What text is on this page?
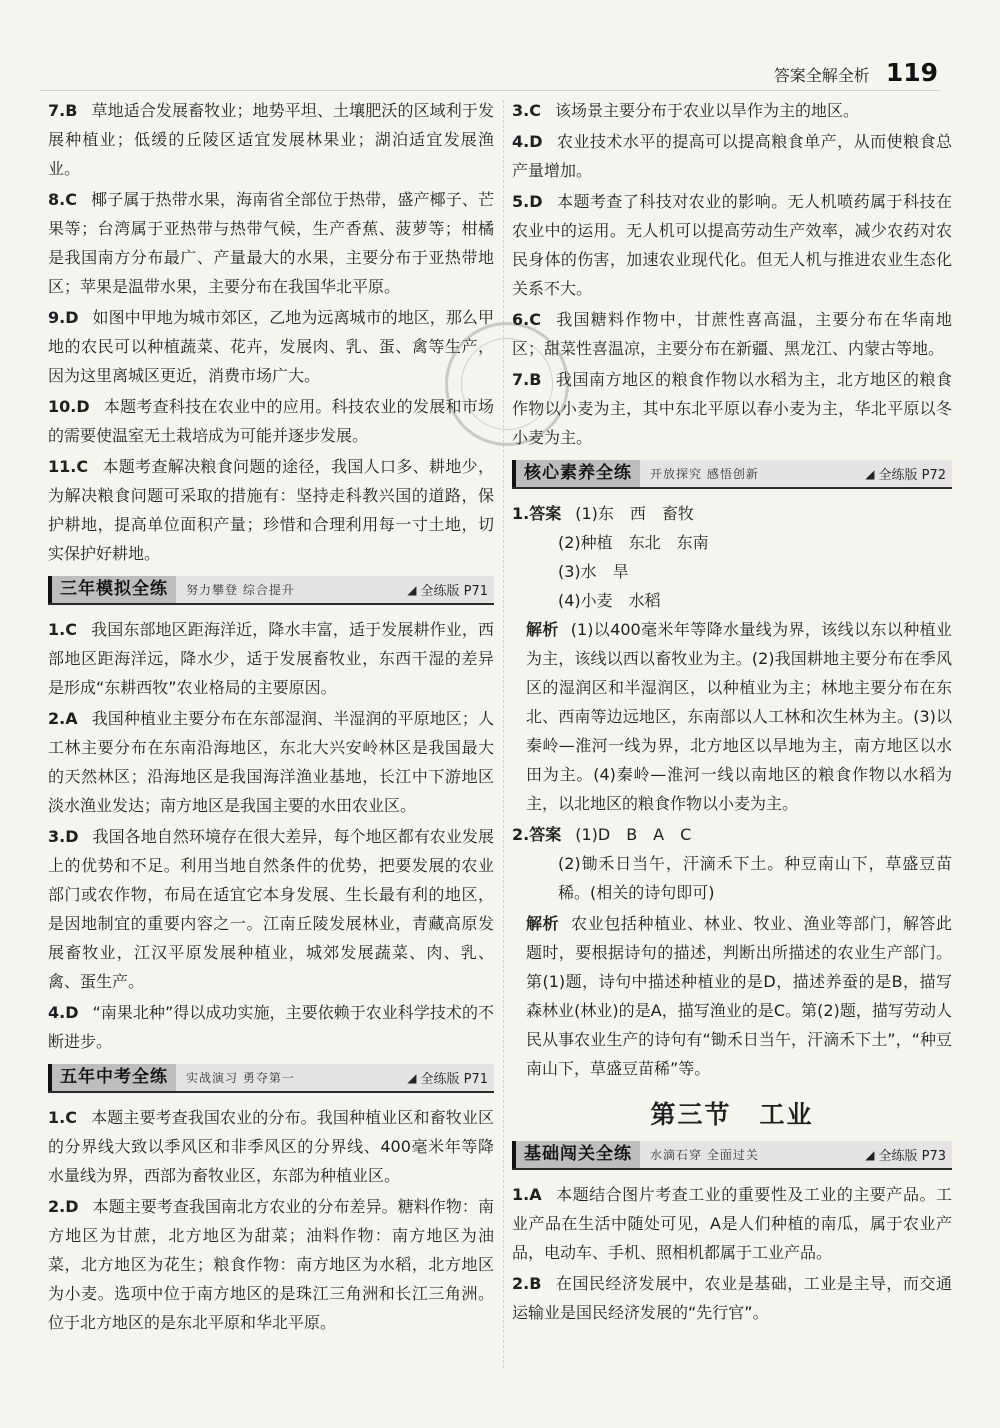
答案全解全析 119

7.B 草地适合发展畜牧业；地势平坦、土壤肥沃的区域利于发展种植业；低缓的丘陵区适宜发展林果业；湖泊适宜发展渔业。

8.C 椰子属于热带水果，海南省全部位于热带，盛产椰子、芒果等；台湾属于亚热带与热带气候，生产香蕉、菠萝等；柑橘是我国南方分布最广、产量最大的水果，主要分布于亚热带地区；苹果是温带水果，主要分布在我国华北平原。

9.D 如图中甲地为城市郊区，乙地为远离城市的地区，那么甲地的农民可以种植蔬菜、花卉，发展肉、乳、蛋、禽等生产，因为这里离城区更近，消费市场广大。

10.D 本题考查科技在农业中的应用。科技农业的发展和市场的需要使温室无土栽培成为可能并逐步发展。

11.C 本题考查解决粮食问题的途径，我国人口多、耕地少，为解决粮食问题可采取的措施有：坚持走科教兴国的道路，保护耕地，提高单位面积产量；珍惜和合理利用每一寸土地，切实保护好耕地。

三年模拟全练	努力攀登 综合提升	◢ 全练版 P71

1.C 我国东部地区距海洋近，降水丰富，适于发展耕作业，西部地区距海洋远，降水少，适于发展畜牧业，东西干湿的差异是形成“东耕西牧”农业格局的主要原因。

2.A 我国种植业主要分布在东部湿润、半湿润的平原地区；人工林主要分布在东南沿海地区，东北大兴安岭林区是我国最大的天然林区；沿海地区是我国海洋渔业基地，长江中下游地区淡水渔业发达；南方地区是我国主要的水田农业区。

3.D 我国各地自然环境存在很大差异，每个地区都有农业发展上的优势和不足。利用当地自然条件的优势，把要发展的农业部门或农作物，布局在适宜它本身发展、生长最有利的地区，是因地制宜的重要内容之一。江南丘陵发展林业，青藏高原发展畜牧业，江汉平原发展种植业，城郊发展蔬菜、肉、乳、禽、蛋生产。

4.D “南果北种”得以成功实施，主要依赖于农业科学技术的不断进步。

五年中考全练	实战演习 勇夺第一	◢ 全练版 P71

1.C 本题主要考查我国农业的分布。我国种植业区和畜牧业区的分界线大致以季风区和非季风区的分界线、400毫米年等降水量线为界，西部为畜牧业区，东部为种植业区。

2.D 本题主要考查我国南北方农业的分布差异。糖料作物：南方地区为甘蔗，北方地区为甜菜；油料作物：南方地区为油菜，北方地区为花生；粮食作物：南方地区为水稻，北方地区为小麦。选项中位于南方地区的是珠江三角洲和长江三角洲。位于北方地区的是东北平原和华北平原。

3.C 该场景主要分布于农业以旱作为主的地区。

4.D 农业技术水平的提高可以提高粮食单产，从而使粮食总产量增加。

5.D 本题考查了科技对农业的影响。无人机喷药属于科技在农业中的运用。无人机可以提高劳动生产效率，减少农药对农民身体的伤害，加速农业现代化。但无人机与推进农业生态化关系不大。

6.C 我国糖料作物中，甘蔗性喜高温，主要分布在华南地区；甜菜性喜温凉，主要分布在新疆、黑龙江、内蒙古等地。

7.B 我国南方地区的粮食作物以水稻为主，北方地区的粮食作物以小麦为主，其中东北平原以春小麦为主，华北平原以冬小麦为主。

核心素养全练	开放探究 感悟创新	◢ 全练版 P72
1.答案 (1)东　西　畜牧
(2)种植　东北　东南
(3)水　旱
(4)小麦　水稻

解析 (1)以400毫米年等降水量线为界，该线以东以种植业为主，该线以西以畜牧业为主。(2)我国耕地主要分布在季风区的湿润区和半湿润区，以种植业为主；林地主要分布在东北、西南等边远地区，东南部以人工林和次生林为主。(3)以秦岭—淮河一线为界，北方地区以旱地为主，南方地区以水田为主。(4)秦岭—淮河一线以南地区的粮食作物以水稻为主，以北地区的粮食作物以小麦为主。

2.答案 (1)D　B　A　C

(2)锄禾日当午，汗滴禾下土。种豆南山下，草盛豆苗稀。(相关的诗句即可)

解析 农业包括种植业、林业、牧业、渔业等部门，解答此题时，要根据诗句的描述，判断出所描述的农业生产部门。第(1)题，诗句中描述种植业的是D，描述养蚕的是B，描写森林业(林业)的是A，描写渔业的是C。第(2)题，描写劳动人民从事农业生产的诗句有“锄禾日当午，汗滴禾下土”，“种豆南山下，草盛豆苗稀”等。

第三节 工业
基础闯关全练	水滴石穿 全面过关	◢ 全练版 P73

1.A 本题结合图片考查工业的重要性及工业的主要产品。工业产品在生活中随处可见，A是人们种植的南瓜，属于农业产品，电动车、手机、照相机都属于工业产品。

2.B 在国民经济发展中，农业是基础，工业是主导，而交通运输业是国民经济发展的“先行官”。
